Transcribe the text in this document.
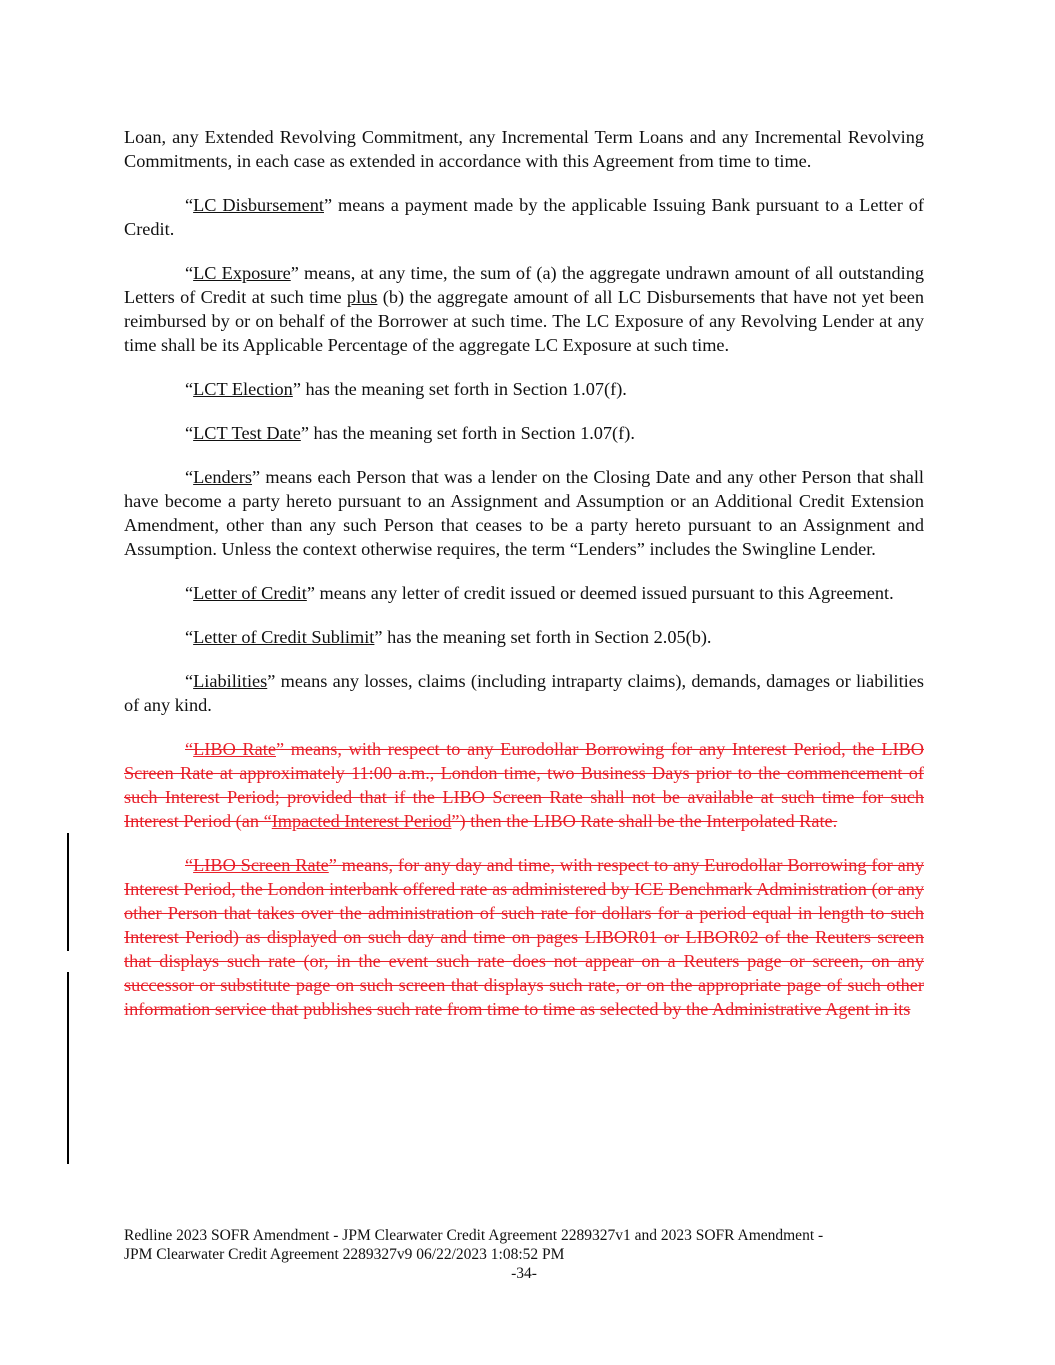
Loan, any Extended Revolving Commitment, any Incremental Term Loans and any Incremental Revolving Commitments, in each case as extended in accordance with this Agreement from time to time.

“LC Disbursement” means a payment made by the applicable Issuing Bank pursuant to a Letter of Credit.

“LC Exposure” means, at any time, the sum of (a) the aggregate undrawn amount of all outstanding Letters of Credit at such time plus (b) the aggregate amount of all LC Disbursements that have not yet been reimbursed by or on behalf of the Borrower at such time. The LC Exposure of any Revolving Lender at any time shall be its Applicable Percentage of the aggregate LC Exposure at such time.

“LCT Election” has the meaning set forth in Section 1.07(f).

“LCT Test Date” has the meaning set forth in Section 1.07(f).

“Lenders” means each Person that was a lender on the Closing Date and any other Person that shall have become a party hereto pursuant to an Assignment and Assumption or an Additional Credit Extension Amendment, other than any such Person that ceases to be a party hereto pursuant to an Assignment and Assumption. Unless the context otherwise requires, the term “Lenders” includes the Swingline Lender.

“Letter of Credit” means any letter of credit issued or deemed issued pursuant to this Agreement.

“Letter of Credit Sublimit” has the meaning set forth in Section 2.05(b).

“Liabilities” means any losses, claims (including intraparty claims), demands, damages or liabilities of any kind.

“LIBO Rate” means, with respect to any Eurodollar Borrowing for any Interest Period, the LIBO Screen Rate at approximately 11:00 a.m., London time, two Business Days prior to the commencement of such Interest Period; provided that if the LIBO Screen Rate shall not be available at such time for such Interest Period (an “Impacted Interest Period”) then the LIBO Rate shall be the Interpolated Rate.

“LIBO Screen Rate” means, for any day and time, with respect to any Eurodollar Borrowing for any Interest Period, the London interbank offered rate as administered by ICE Benchmark Administration (or any other Person that takes over the administration of such rate for dollars for a period equal in length to such Interest Period) as displayed on such day and time on pages LIBOR01 or LIBOR02 of the Reuters screen that displays such rate (or, in the event such rate does not appear on a Reuters page or screen, on any successor or substitute page on such screen that displays such rate, or on the appropriate page of such other information service that publishes such rate from time to time as selected by the Administrative Agent in its

Redline 2023 SOFR Amendment - JPM Clearwater Credit Agreement 2289327v1 and 2023 SOFR Amendment -
JPM Clearwater Credit Agreement 2289327v9 06/22/2023 1:08:52 PM
-34-
